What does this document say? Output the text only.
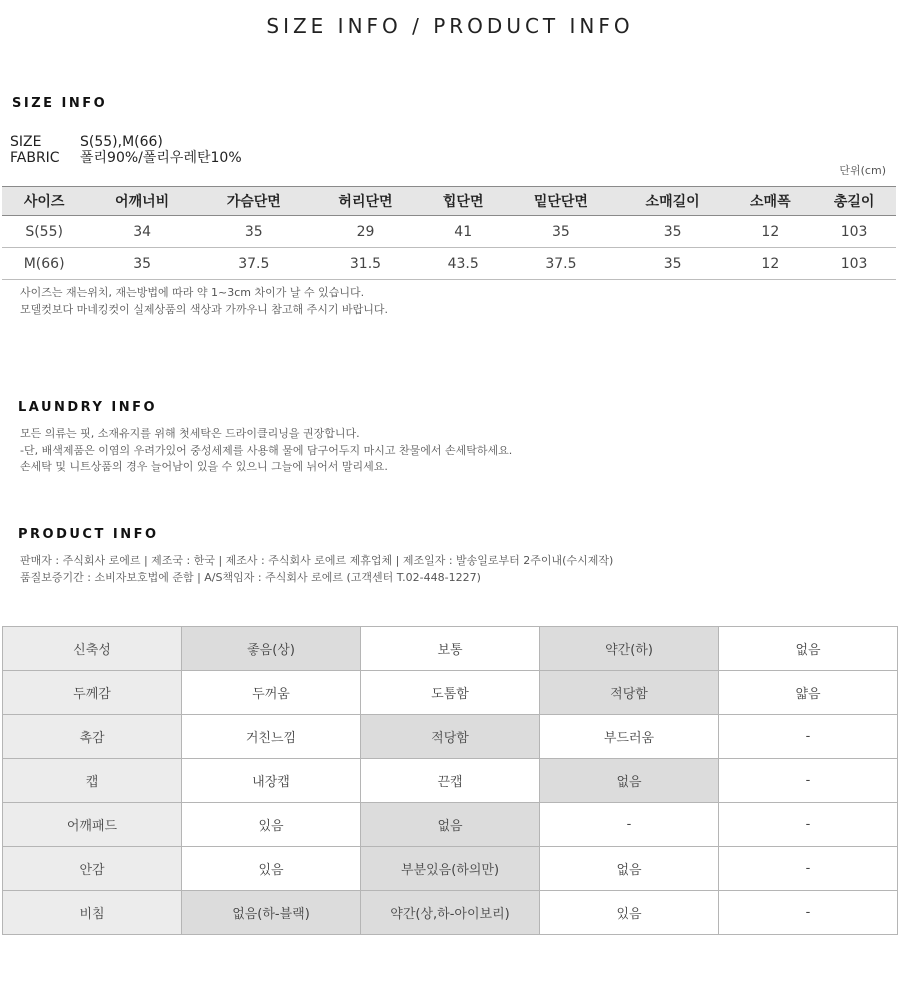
SIZE INFO / PRODUCT INFO
SIZE INFO
SIZE	S(55),M(66)
FABRIC	폴리90%/폴리우레탄10%
단위(cm)
사이즈	어깨너비	가슴단면	허리단면	힙단면	밑단단면	소매길이	소매폭	총길이
S(55)	34	35	29	41	35	35	12	103
M(66)	35	37.5	31.5	43.5	37.5	35	12	103
사이즈는 재는위치, 재는방법에 따라 약 1~3cm 차이가 날 수 있습니다.
모델컷보다 마네킹컷이 실제상품의 색상과 가까우니 참고해 주시기 바랍니다.
LAUNDRY INFO
모든 의류는 핏, 소재유지를 위해 첫세탁은 드라이클리닝을 권장합니다.
-단, 배색제품은 이염의 우려가있어 중성세제를 사용해 물에 담구어두지 마시고 찬물에서 손세탁하세요.
손세탁 및 니트상품의 경우 늘어남이 있을 수 있으니 그늘에 뉘어서 말리세요.
PRODUCT INFO
판매자 : 주식회사 로에르 | 제조국 : 한국 | 제조사 : 주식회사 로에르 제휴업체 | 제조일자 : 발송일로부터 2주이내(수시제작)
품질보증기간 : 소비자보호법에 준함 | A/S책임자 : 주식회사 로에르 (고객센터 T.02-448-1227)
신축성	좋음(상)	보통	약간(하)	없음
두께감	두꺼움	도톰함	적당함	얇음
촉감	거친느낌	적당함	부드러움	-
캡	내장캡	끈캡	없음	-
어깨패드	있음	없음	-	-
안감	있음	부분있음(하의만)	없음	-
비침	없음(하-블랙)	약간(상,하-아이보리)	있음	-
